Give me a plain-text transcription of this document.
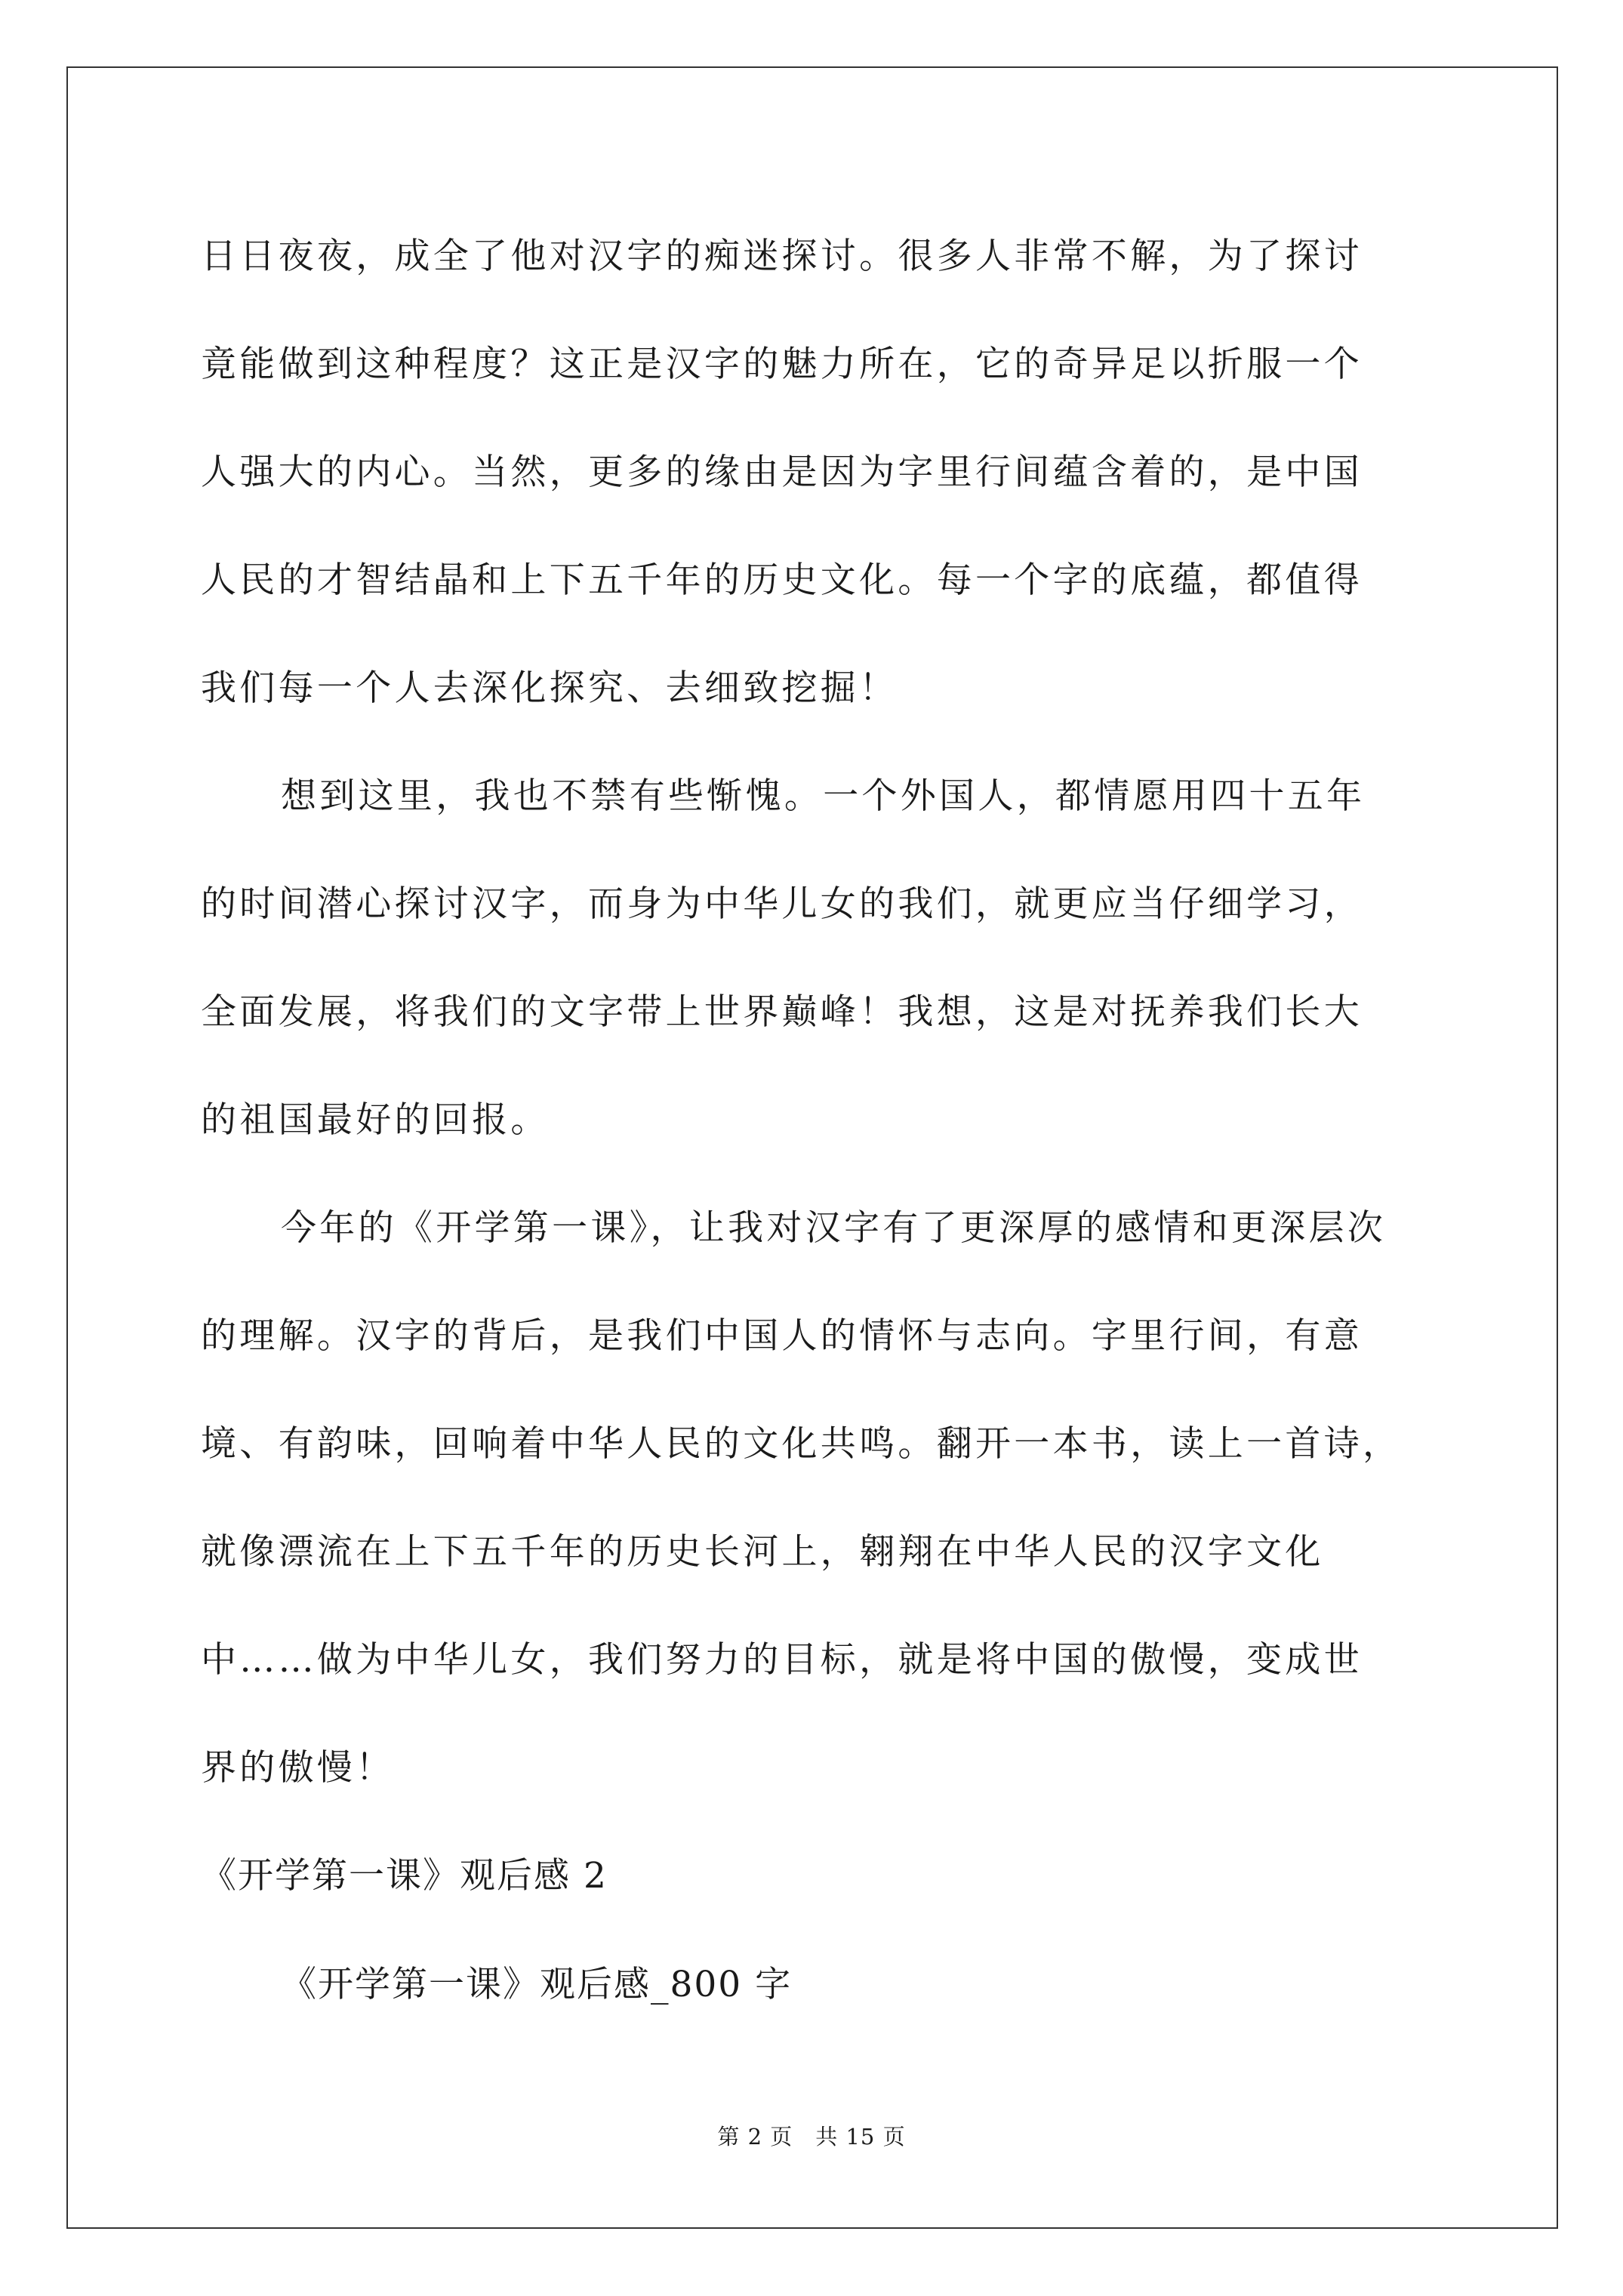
日日夜夜，成全了他对汉字的痴迷探讨。很多人非常不解，为了探讨
竟能做到这种程度？这正是汉字的魅力所在，它的奇异足以折服一个
人强大的内心。当然，更多的缘由是因为字里行间蕴含着的，是中国
人民的才智结晶和上下五千年的历史文化。每一个字的底蕴，都值得
我们每一个人去深化探究、去细致挖掘！
想到这里，我也不禁有些惭愧。一个外国人，都情愿用四十五年
的时间潜心探讨汉字，而身为中华儿女的我们，就更应当仔细学习，
全面发展，将我们的文字带上世界巅峰！我想，这是对抚养我们长大
的祖国最好的回报。
今年的《开学第一课》，让我对汉字有了更深厚的感情和更深层次
的理解。汉字的背后，是我们中国人的情怀与志向。字里行间，有意
境、有韵味，回响着中华人民的文化共鸣。翻开一本书，读上一首诗，
就像漂流在上下五千年的历史长河上，翱翔在中华人民的汉字文化
中……做为中华儿女，我们努力的目标，就是将中国的傲慢，变成世
界的傲慢！
《开学第一课》观后感 2
《开学第一课》观后感_800 字
第 2 页　共 15 页
